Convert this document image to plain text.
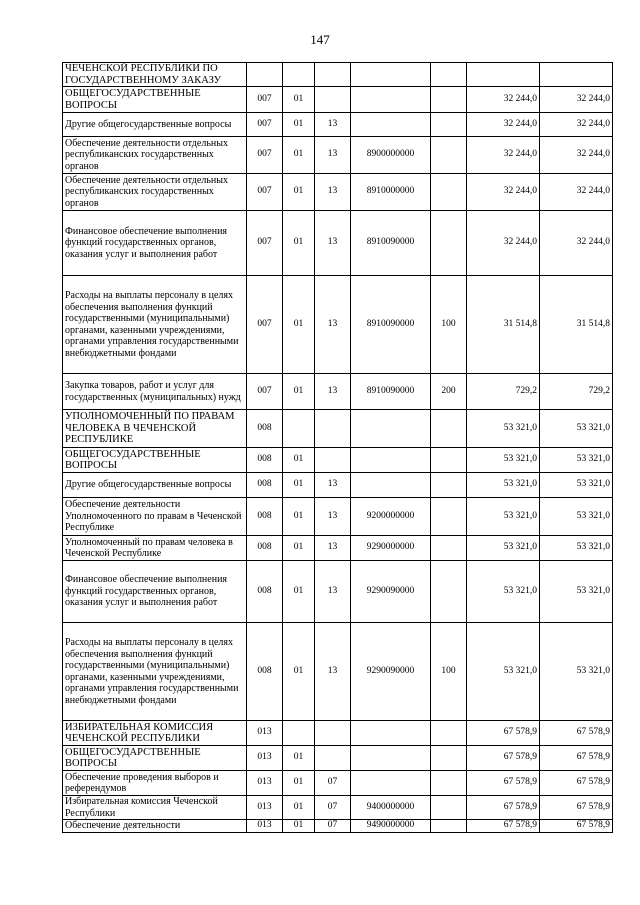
147
ЧЕЧЕНСКОЙ РЕСПУБЛИКИ ПО ГОСУДАРСТВЕННОМУ ЗАКАЗУ							
ОБЩЕГОСУДАРСТВЕННЫЕ ВОПРОСЫ	007	01				32 244,0	32 244,0
Другие общегосударственные вопросы	007	01	13			32 244,0	32 244,0
Обеспечение деятельности отдельных республиканских государственных органов	007	01	13	8900000000		32 244,0	32 244,0
Обеспечение деятельности отдельных республиканских государственных органов	007	01	13	8910000000		32 244,0	32 244,0
Финансовое обеспечение выполнения функций государственных органов, оказания услуг и выполнения работ	007	01	13	8910090000		32 244,0	32 244,0
Расходы на выплаты персоналу в целях обеспечения выполнения функций государственными (муниципальными) органами, казенными учреждениями, органами управления государственными внебюджетными фондами	007	01	13	8910090000	100	31 514,8	31 514,8
Закупка товаров, работ и услуг для государственных (муниципальных) нужд	007	01	13	8910090000	200	729,2	729,2
УПОЛНОМОЧЕННЫЙ ПО ПРАВАМ ЧЕЛОВЕКА В ЧЕЧЕНСКОЙ РЕСПУБЛИКЕ	008					53 321,0	53 321,0
ОБЩЕГОСУДАРСТВЕННЫЕ ВОПРОСЫ	008	01				53 321,0	53 321,0
Другие общегосударственные вопросы	008	01	13			53 321,0	53 321,0
Обеспечение деятельности Уполномоченного по правам в Чеченской Республике	008	01	13	9200000000		53 321,0	53 321,0
Уполномоченный по правам человека в Чеченской Республике	008	01	13	9290000000		53 321,0	53 321,0
Финансовое обеспечение выполнения функций государственных органов, оказания услуг и выполнения работ	008	01	13	9290090000		53 321,0	53 321,0
Расходы на выплаты персоналу в целях обеспечения выполнения функций государственными (муниципальными) органами, казенными учреждениями, органами управления государственными внебюджетными фондами	008	01	13	9290090000	100	53 321,0	53 321,0
ИЗБИРАТЕЛЬНАЯ КОМИССИЯ ЧЕЧЕНСКОЙ РЕСПУБЛИКИ	013					67 578,9	67 578,9
ОБЩЕГОСУДАРСТВЕННЫЕ ВОПРОСЫ	013	01				67 578,9	67 578,9
Обеспечение проведения выборов и референдумов	013	01	07			67 578,9	67 578,9
Избирательная комиссия Чеченской Республики	013	01	07	9400000000		67 578,9	67 578,9
Обеспечение деятельности	013	01	07	9490000000		67 578,9	67 578,9
